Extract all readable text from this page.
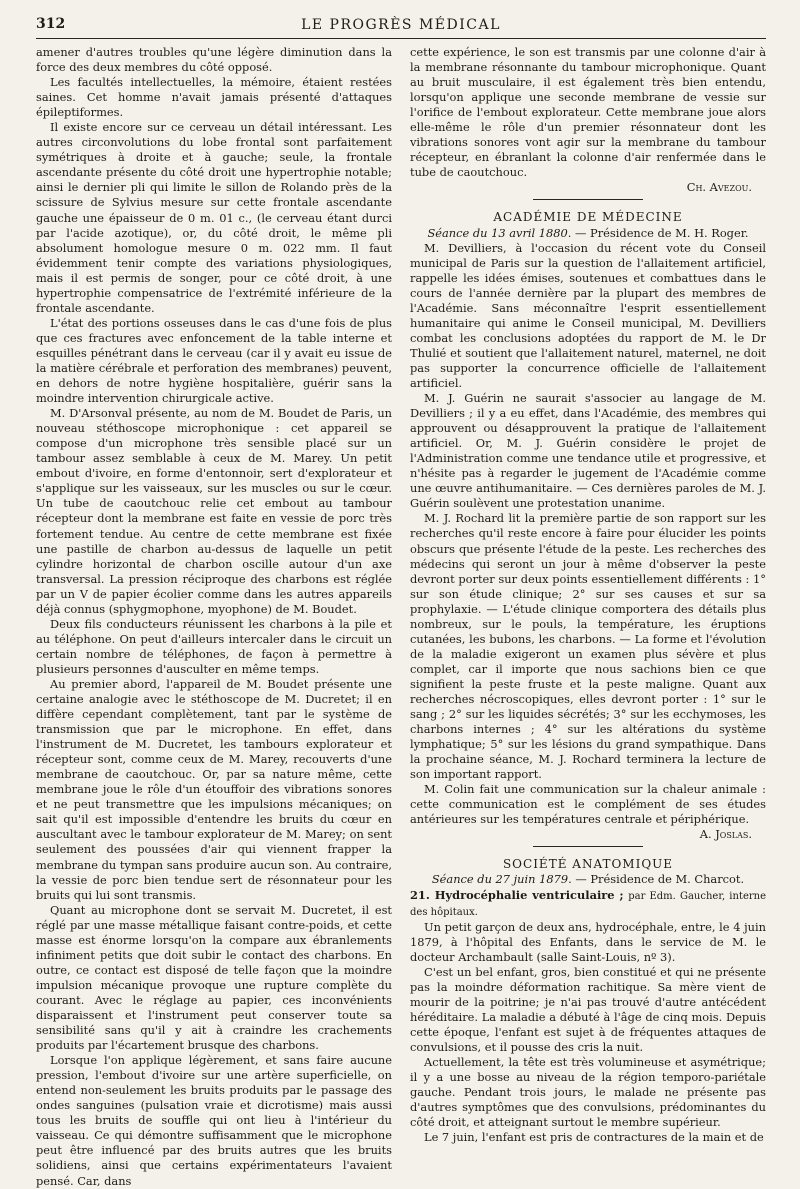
312	LE PROGRÈS MÉDICAL

amener d'autres troubles qu'une légère diminution dans la force des deux membres du côté opposé.

Les facultés intellectuelles, la mémoire, étaient restées saines. Cet homme n'avait jamais présenté d'attaques épileptiformes.

Il existe encore sur ce cerveau un détail intéressant. Les autres circonvolutions du lobe frontal sont parfaitement symétriques à droite et à gauche; seule, la frontale ascendante présente du côté droit une hypertrophie notable; ainsi le dernier pli qui limite le sillon de Rolando près de la scissure de Sylvius mesure sur cette frontale ascendante gauche une épaisseur de 0 m. 01 c., (le cerveau étant durci par l'acide azotique), or, du côté droit, le même pli absolument homologue mesure 0 m. 022 mm. Il faut évidemment tenir compte des variations physiologiques, mais il est permis de songer, pour ce côté droit, à une hypertrophie compensatrice de l'extrémité inférieure de la frontale ascendante.

L'état des portions osseuses dans le cas d'une fois de plus que ces fractures avec enfoncement de la table interne et esquilles pénétrant dans le cerveau (car il y avait eu issue de la matière cérébrale et perforation des membranes) peuvent, en dehors de notre hygiène hospitalière, guérir sans la moindre intervention chirurgicale active.

M. D'Arsonval présente, au nom de M. Boudet de Paris, un nouveau stéthoscope microphonique : cet appareil se compose d'un microphone très sensible placé sur un tambour assez semblable à ceux de M. Marey. Un petit embout d'ivoire, en forme d'entonnoir, sert d'explorateur et s'applique sur les vaisseaux, sur les muscles ou sur le cœur. Un tube de caoutchouc relie cet embout au tambour récepteur dont la membrane est faite en vessie de porc très fortement tendue. Au centre de cette membrane est fixée une pastille de charbon au-dessus de laquelle un petit cylindre horizontal de charbon oscille autour d'un axe transversal. La pression réciproque des charbons est réglée par un V de papier écolier comme dans les autres appareils déjà connus (sphygmophone, myophone) de M. Boudet.

Deux fils conducteurs réunissent les charbons à la pile et au téléphone. On peut d'ailleurs intercaler dans le circuit un certain nombre de téléphones, de façon à permettre à plusieurs personnes d'ausculter en même temps.

Au premier abord, l'appareil de M. Boudet présente une certaine analogie avec le stéthoscope de M. Ducretet; il en diffère cependant complètement, tant par le système de transmission que par le microphone. En effet, dans l'instrument de M. Ducretet, les tambours explorateur et récepteur sont, comme ceux de M. Marey, recouverts d'une membrane de caoutchouc. Or, par sa nature même, cette membrane joue le rôle d'un étouffoir des vibrations sonores et ne peut transmettre que les impulsions mécaniques; on sait qu'il est impossible d'entendre les bruits du cœur en auscultant avec le tambour explorateur de M. Marey; on sent seulement des poussées d'air qui viennent frapper la membrane du tympan sans produire aucun son. Au contraire, la vessie de porc bien tendue sert de résonnateur pour les bruits qui lui sont transmis.

Quant au microphone dont se servait M. Ducretet, il est réglé par une masse métallique faisant contre-poids, et cette masse est énorme lorsqu'on la compare aux ébranlements infiniment petits que doit subir le contact des charbons. En outre, ce contact est disposé de telle façon que la moindre impulsion mécanique provoque une rupture complète du courant. Avec le réglage au papier, ces inconvénients disparaissent et l'instrument peut conserver toute sa sensibilité sans qu'il y ait à craindre les crachements produits par l'écartement brusque des charbons.

Lorsque l'on applique légèrement, et sans faire aucune pression, l'embout d'ivoire sur une artère superficielle, on entend non-seulement les bruits produits par le passage des ondes sanguines (pulsation vraie et dicrotisme) mais aussi tous les bruits de souffle qui ont lieu à l'intérieur du vaisseau. Ce qui démontre suffisamment que le microphone peut être influencé par des bruits autres que les bruits solidiens, ainsi que certains expérimentateurs l'avaient pensé. Car, dans

cette expérience, le son est transmis par une colonne d'air à la membrane résonnante du tambour microphonique. Quant au bruit musculaire, il est également très bien entendu, lorsqu'on applique une seconde membrane de vessie sur l'orifice de l'embout explorateur. Cette membrane joue alors elle-même le rôle d'un premier résonnateur dont les vibrations sonores vont agir sur la membrane du tambour récepteur, en ébranlant la colonne d'air renfermée dans le tube de caoutchouc.

Ch. Avezou.

ACADÉMIE DE MÉDECINE

Séance du 13 avril 1880. — Présidence de M. H. Roger.

M. Devilliers, à l'occasion du récent vote du Conseil municipal de Paris sur la question de l'allaitement artificiel, rappelle les idées émises, soutenues et combattues dans le cours de l'année dernière par la plupart des membres de l'Académie. Sans méconnaître l'esprit essentiellement humanitaire qui anime le Conseil municipal, M. Devilliers combat les conclusions adoptées du rapport de M. le Dr Thulié et soutient que l'allaitement naturel, maternel, ne doit pas supporter la concurrence officielle de l'allaitement artificiel.

M. J. Guérin ne saurait s'associer au langage de M. Devilliers ; il y a eu effet, dans l'Académie, des membres qui approuvent ou désapprouvent la pratique de l'allaitement artificiel. Or, M. J. Guérin considère le projet de l'Administration comme une tendance utile et progressive, et n'hésite pas à regarder le jugement de l'Académie comme une œuvre antihumanitaire. — Ces dernières paroles de M. J. Guérin soulèvent une protestation unanime.

M. J. Rochard lit la première partie de son rapport sur les recherches qu'il reste encore à faire pour élucider les points obscurs que présente l'étude de la peste. Les recherches des médecins qui seront un jour à même d'observer la peste devront porter sur deux points essentiellement différents : 1° sur son étude clinique; 2° sur ses causes et sur sa prophylaxie. — L'étude clinique comportera des détails plus nombreux, sur le pouls, la température, les éruptions cutanées, les bubons, les charbons. — La forme et l'évolution de la maladie exigeront un examen plus sévère et plus complet, car il importe que nous sachions bien ce que signifient la peste fruste et la peste maligne. Quant aux recherches nécroscopiques, elles devront porter : 1° sur le sang ; 2° sur les liquides sécrétés; 3° sur les ecchymoses, les charbons internes ; 4° sur les altérations du système lymphatique; 5° sur les lésions du grand sympathique. Dans la prochaine séance, M. J. Rochard terminera la lecture de son important rapport.

M. Colin fait une communication sur la chaleur animale : cette communication est le complément de ses études antérieures sur les températures centrale et périphérique.

A. Joslas.

SOCIÉTÉ ANATOMIQUE

Séance du 27 juin 1879. — Présidence de M. Charcot.

21. Hydrocéphalie ventriculaire ; par Edm. Gaucher, interne des hôpitaux.

Un petit garçon de deux ans, hydrocéphale, entre, le 4 juin 1879, à l'hôpital des Enfants, dans le service de M. le docteur Archambault (salle Saint-Louis, nº 3).

C'est un bel enfant, gros, bien constitué et qui ne présente pas la moindre déformation rachitique. Sa mère vient de mourir de la poitrine; je n'ai pas trouvé d'autre antécédent héréditaire. La maladie a débuté à l'âge de cinq mois. Depuis cette époque, l'enfant est sujet à de fréquentes attaques de convulsions, et il pousse des cris la nuit.

Actuellement, la tête est très volumineuse et asymétrique; il y a une bosse au niveau de la région temporo-pariétale gauche. Pendant trois jours, le malade ne présente pas d'autres symptômes que des convulsions, prédominantes du côté droit, et atteignant surtout le membre supérieur.

Le 7 juin, l'enfant est pris de contractures de la main et de
